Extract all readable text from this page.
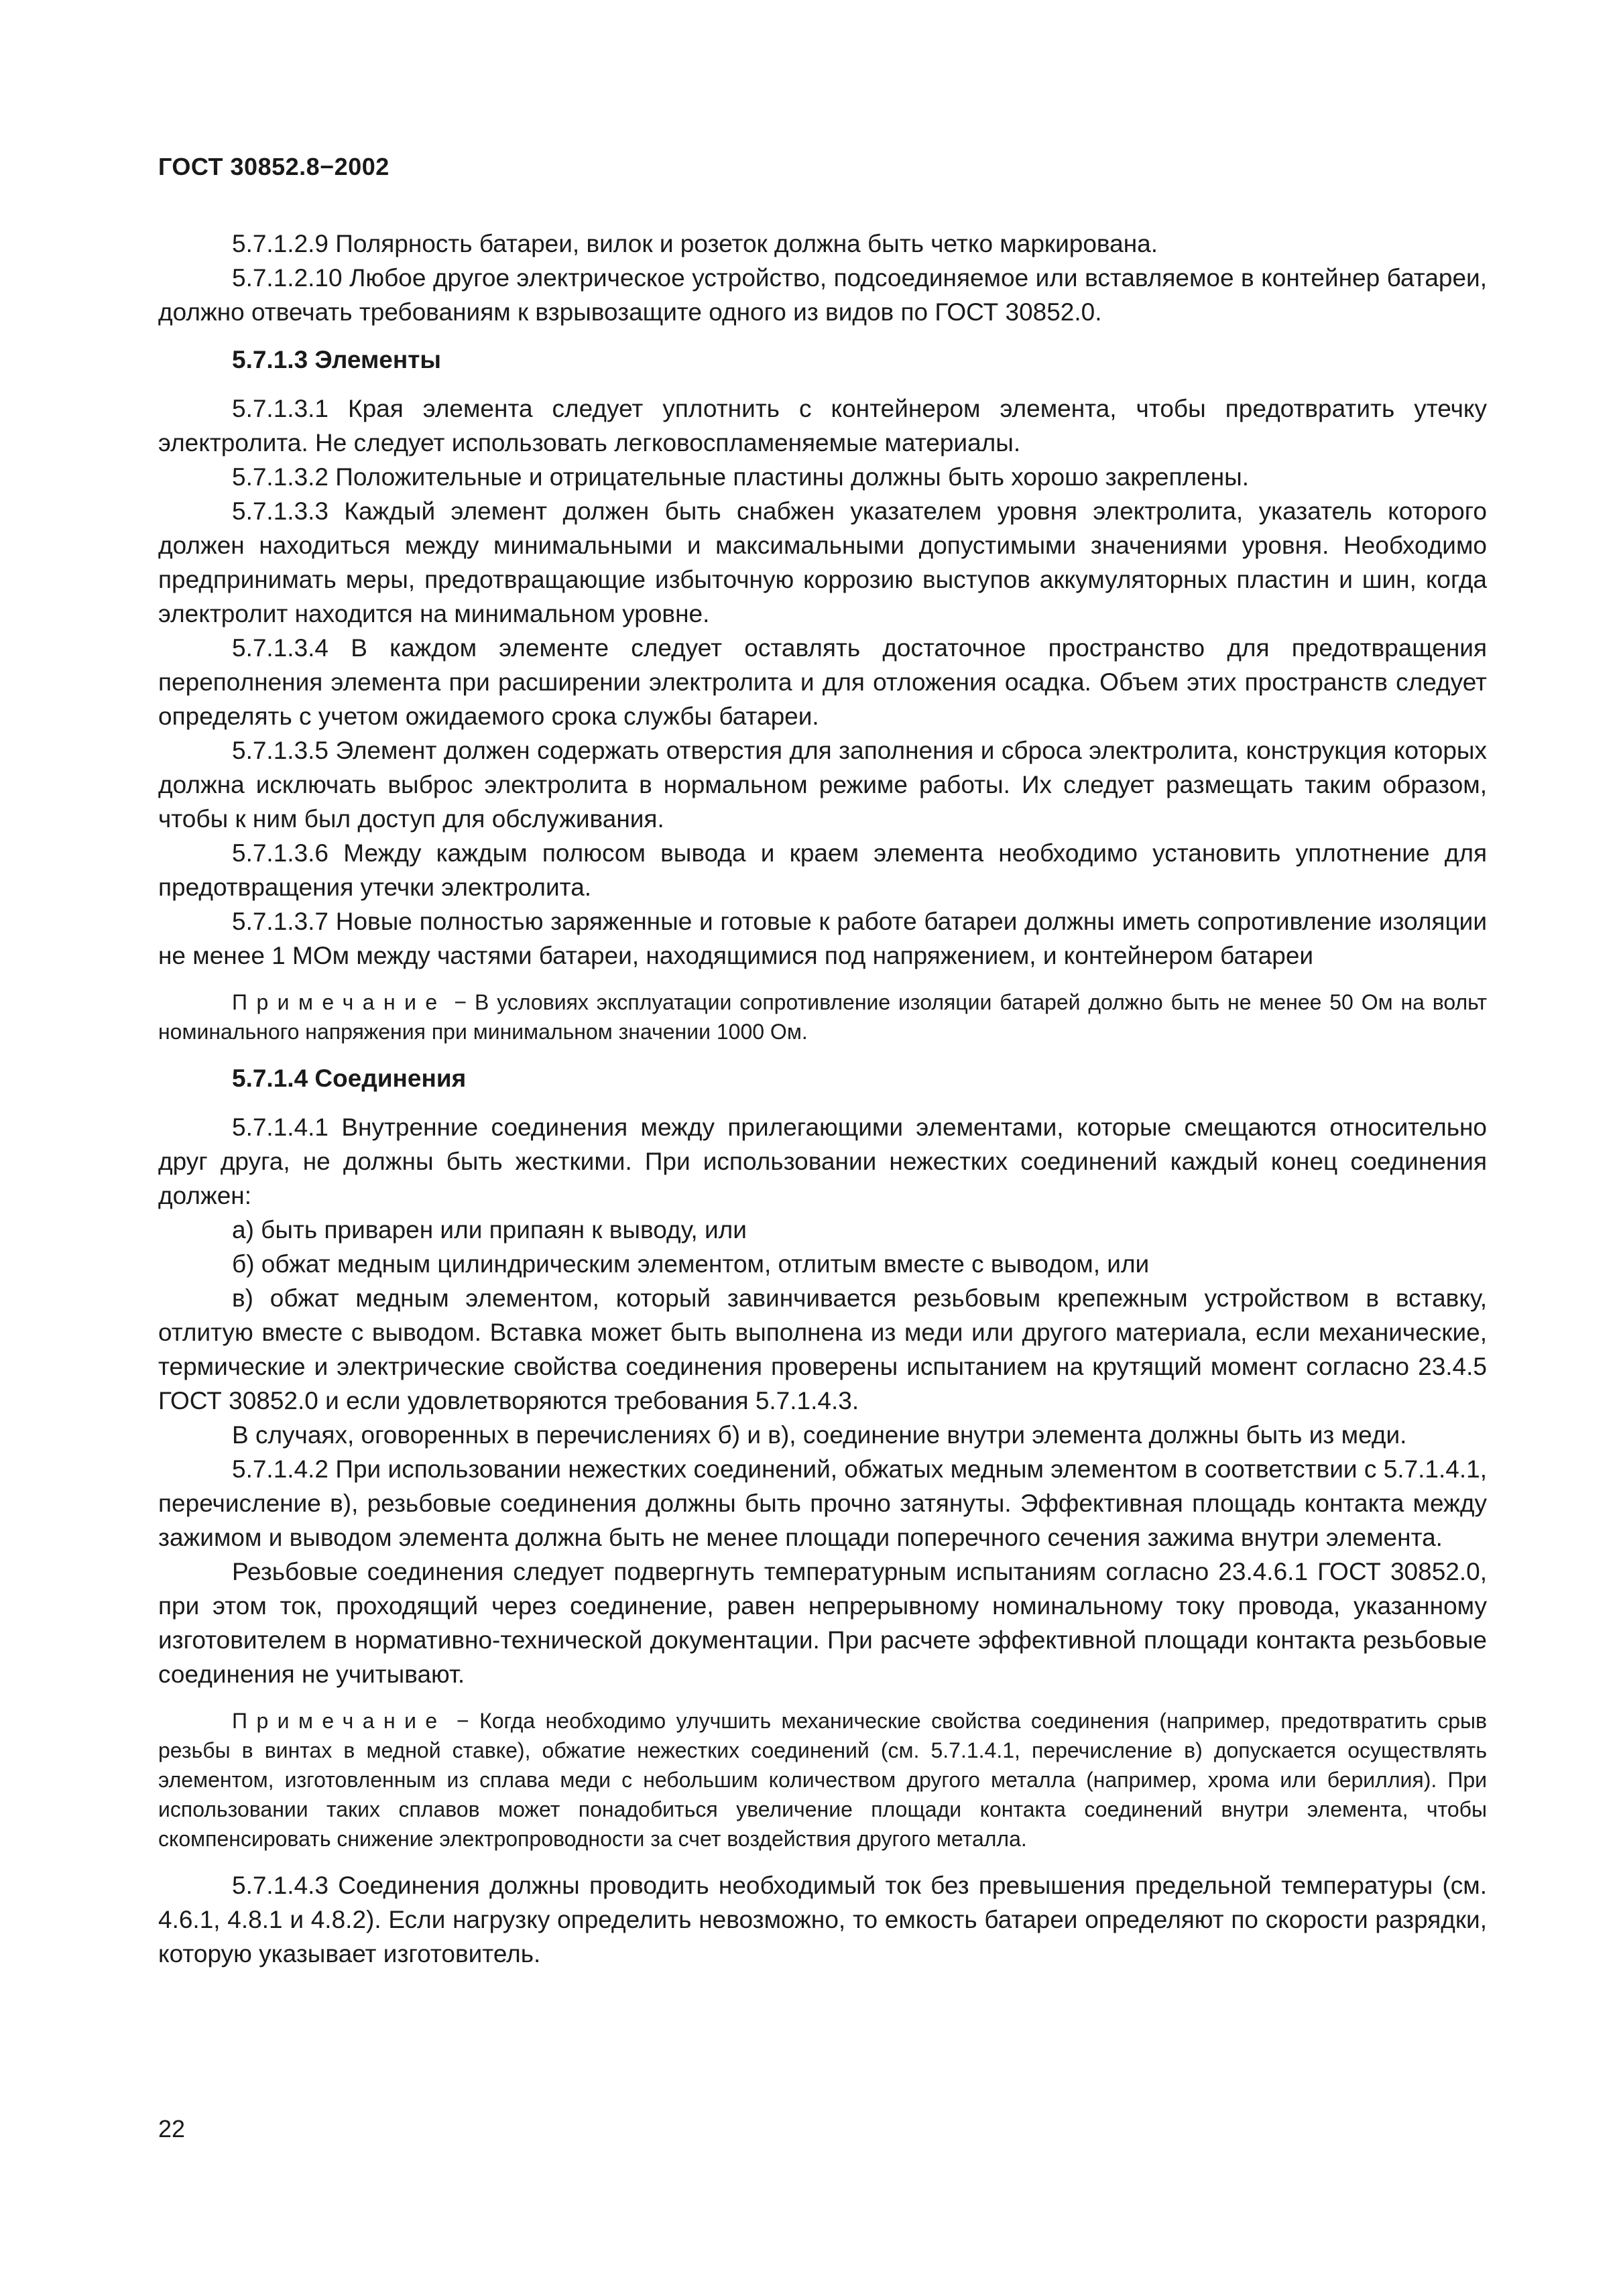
ГОСТ 30852.8−2002

5.7.1.2.9 Полярность батареи, вилок и розеток должна быть четко маркирована.

5.7.1.2.10 Любое другое электрическое устройство, подсоединяемое или вставляемое в контейнер батареи, должно отвечать требованиям к взрывозащите одного из видов по ГОСТ 30852.0.

5.7.1.3 Элементы

5.7.1.3.1 Края элемента следует уплотнить с контейнером элемента, чтобы предотвратить утечку электролита. Не следует использовать легковоспламеняемые материалы.

5.7.1.3.2 Положительные и отрицательные пластины должны быть хорошо закреплены.

5.7.1.3.3 Каждый элемент должен быть снабжен указателем уровня электролита, указатель которого должен находиться между минимальными и максимальными допустимыми значениями уровня. Необходимо предпринимать меры, предотвращающие избыточную коррозию выступов аккумуляторных пластин и шин, когда электролит находится на минимальном уровне.

5.7.1.3.4 В каждом элементе следует оставлять достаточное пространство для предотвращения переполнения элемента при расширении электролита и для отложения осадка. Объем этих пространств следует определять с учетом ожидаемого срока службы батареи.

5.7.1.3.5 Элемент должен содержать отверстия для заполнения и сброса электролита, конструкция которых должна исключать выброс электролита в нормальном режиме работы. Их следует размещать таким образом, чтобы к ним был доступ для обслуживания.

5.7.1.3.6 Между каждым полюсом вывода и краем элемента необходимо установить уплотнение для предотвращения утечки электролита.

5.7.1.3.7 Новые полностью заряженные и готовые к работе батареи должны иметь сопротивление изоляции не менее 1 МОм между частями батареи, находящимися под напряжением, и контейнером батареи

Примечание − В условиях эксплуатации сопротивление изоляции батарей должно быть не менее 50 Ом на вольт номинального напряжения при минимальном значении 1000 Ом.

5.7.1.4 Соединения

5.7.1.4.1 Внутренние соединения между прилегающими элементами, которые смещаются относительно друг друга, не должны быть жесткими. При использовании нежестких соединений каждый конец соединения должен:

а) быть приварен или припаян к выводу, или

б) обжат медным цилиндрическим элементом, отлитым вместе с выводом, или

в) обжат медным элементом, который завинчивается резьбовым крепежным устройством в вставку, отлитую вместе с выводом. Вставка может быть выполнена из меди или другого материала, если механические, термические и электрические свойства соединения проверены испытанием на крутящий момент согласно 23.4.5 ГОСТ 30852.0 и если удовлетворяются требования 5.7.1.4.3.

В случаях, оговоренных в перечислениях б) и в), соединение внутри элемента должны быть из меди.

5.7.1.4.2 При использовании нежестких соединений, обжатых медным элементом в соответствии с 5.7.1.4.1, перечисление в), резьбовые соединения должны быть прочно затянуты. Эффективная площадь контакта между зажимом и выводом элемента должна быть не менее площади поперечного сечения зажима внутри элемента.

Резьбовые соединения следует подвергнуть температурным испытаниям согласно 23.4.6.1 ГОСТ 30852.0, при этом ток, проходящий через соединение, равен непрерывному номинальному току провода, указанному изготовителем в нормативно-технической документации. При расчете эффективной площади контакта резьбовые соединения не учитывают.

Примечание − Когда необходимо улучшить механические свойства соединения (например, предотвратить срыв резьбы в винтах в медной ставке), обжатие нежестких соединений (см. 5.7.1.4.1, перечисление в) допускается осуществлять элементом, изготовленным из сплава меди с небольшим количеством другого металла (например, хрома или бериллия). При использовании таких сплавов может понадобиться увеличение площади контакта соединений внутри элемента, чтобы скомпенсировать снижение электропроводности за счет воздействия другого металла.

5.7.1.4.3 Соединения должны проводить необходимый ток без превышения предельной температуры (см. 4.6.1, 4.8.1 и 4.8.2). Если нагрузку определить невозможно, то емкость батареи определяют по скорости разрядки, которую указывает изготовитель.

22
